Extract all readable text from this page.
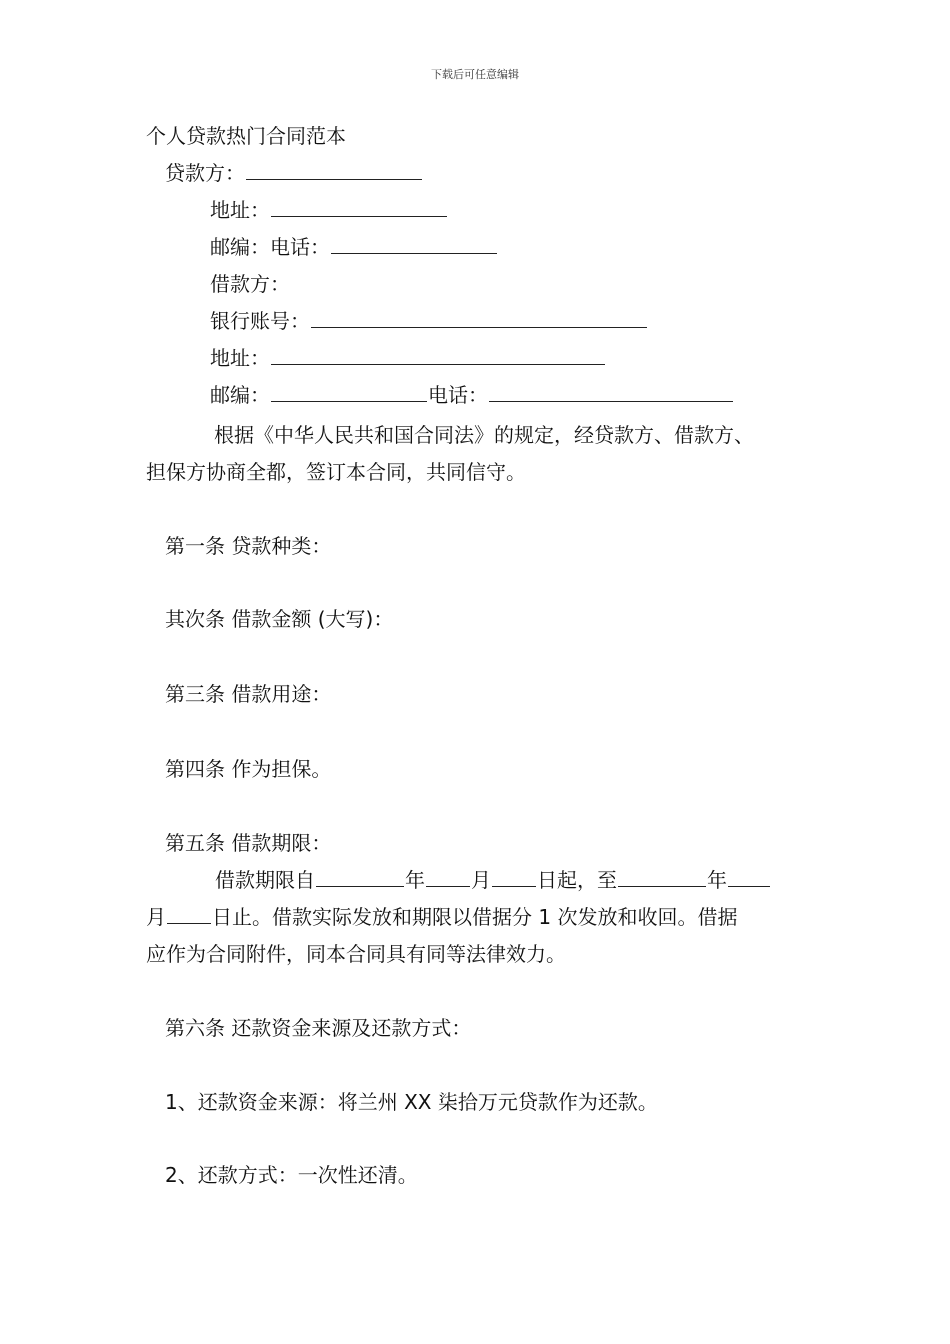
下载后可任意编辑
个人贷款热门合同范本
贷款方：
地址：
邮编：电话：
借款方：
银行账号：
地址：
邮编：	电话：
根据《中华人民共和国合同法》的规定，经贷款方、借款方、
担保方协商全都，签订本合同，共同信守。
第一条 贷款种类：
其次条 借款金额 (大写)：
第三条 借款用途：
第四条 作为担保。
第五条 借款期限：
借款期限自	年 月 日起，至	年
月 日止。借款实际发放和期限以借据分 1 次发放和收回。借据
应作为合同附件，同本合同具有同等法律效力。
第六条 还款资金来源及还款方式：
1、还款资金来源：将兰州 XX 柒拾万元贷款作为还款。
2、还款方式：一次性还清。
